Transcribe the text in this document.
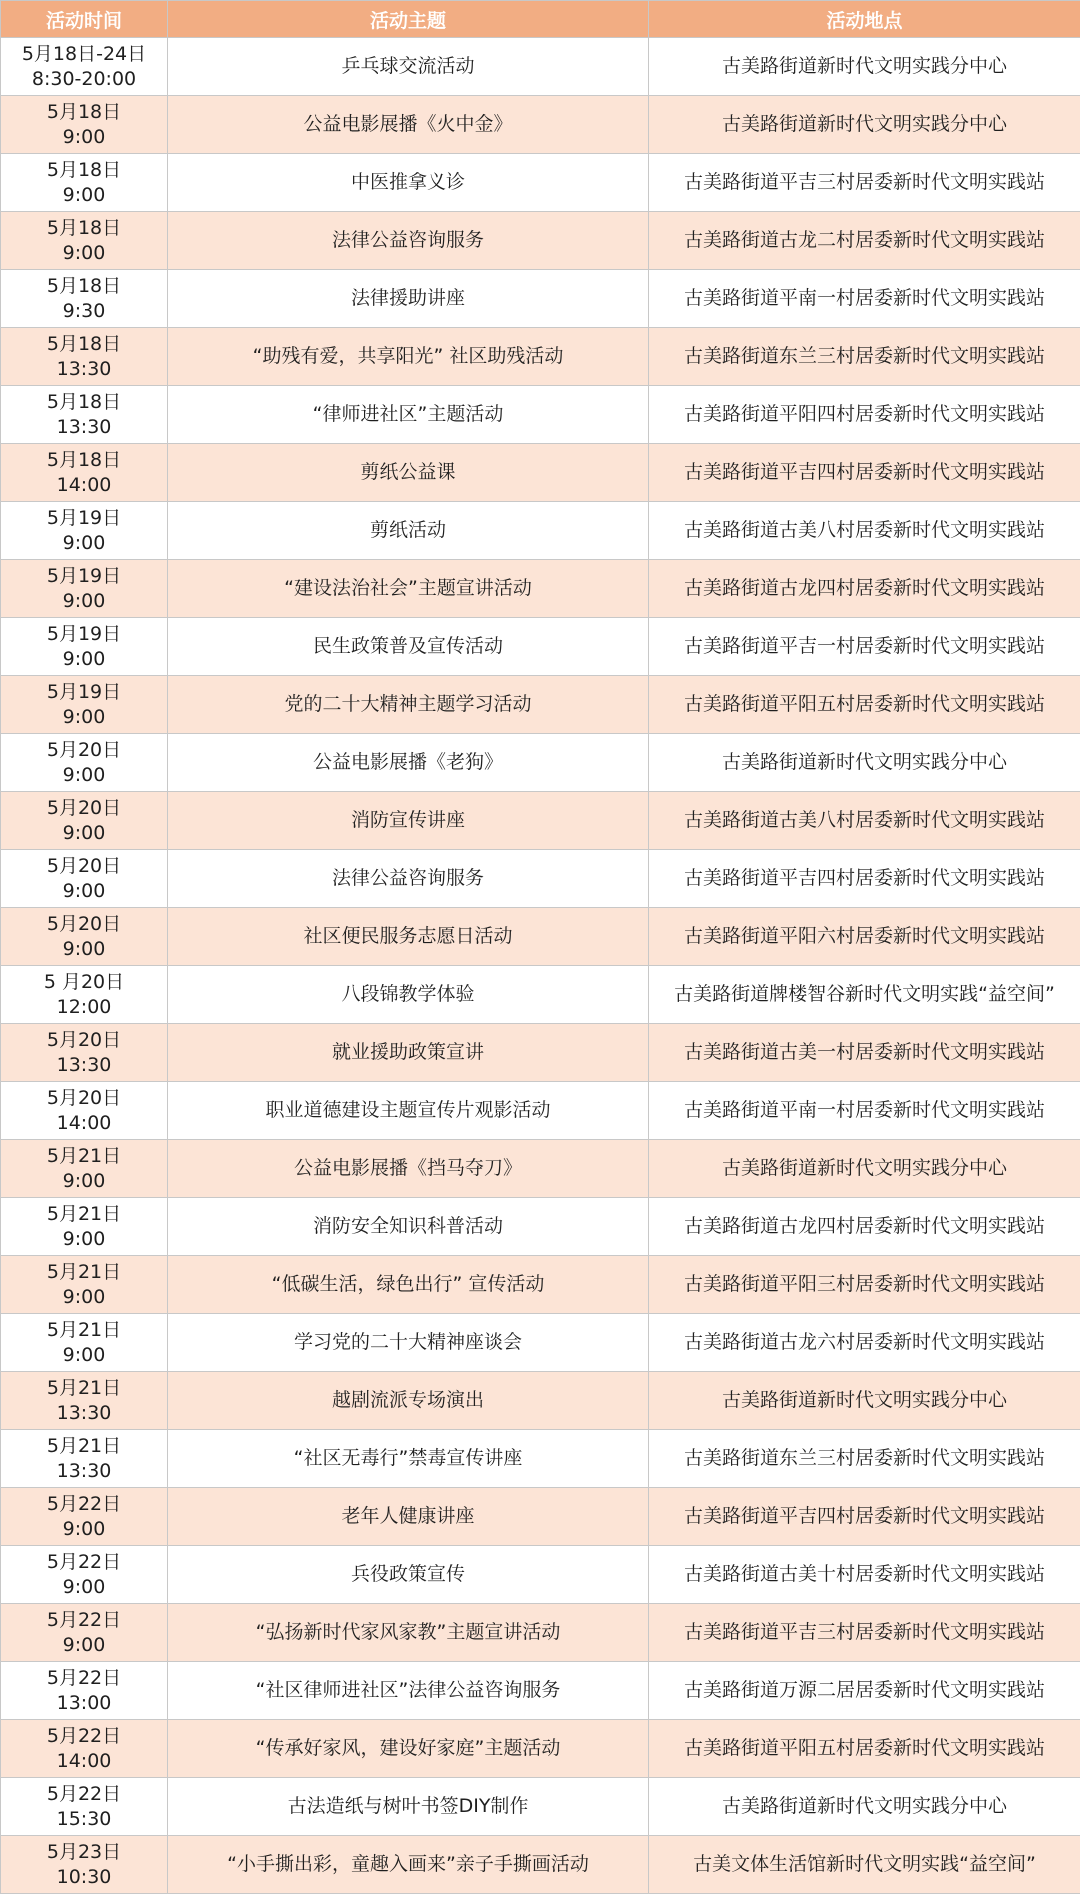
活动时间	活动主题	活动地点

5月18日-24日
8:30-20:00	乒乓球交流活动	古美路街道新时代文明实践分中心

5月18日
9:00	公益电影展播《火中金》	古美路街道新时代文明实践分中心

5月18日
9:00	中医推拿义诊	古美路街道平吉三村居委新时代文明实践站

5月18日
9:00	法律公益咨询服务	古美路街道古龙二村居委新时代文明实践站

5月18日
9:30	法律援助讲座	古美路街道平南一村居委新时代文明实践站

5月18日
13:30	“助残有爱，共享阳光” 社区助残活动	古美路街道东兰三村居委新时代文明实践站

5月18日
13:30	“律师进社区”主题活动	古美路街道平阳四村居委新时代文明实践站

5月18日
14:00	剪纸公益课	古美路街道平吉四村居委新时代文明实践站

5月19日
9:00	剪纸活动	古美路街道古美八村居委新时代文明实践站

5月19日
9:00	“建设法治社会”主题宣讲活动	古美路街道古龙四村居委新时代文明实践站

5月19日
9:00	民生政策普及宣传活动	古美路街道平吉一村居委新时代文明实践站

5月19日
9:00	党的二十大精神主题学习活动	古美路街道平阳五村居委新时代文明实践站

5月20日
9:00	公益电影展播《老狗》	古美路街道新时代文明实践分中心

5月20日
9:00	消防宣传讲座	古美路街道古美八村居委新时代文明实践站

5月20日
9:00	法律公益咨询服务	古美路街道平吉四村居委新时代文明实践站

5月20日
9:00	社区便民服务志愿日活动	古美路街道平阳六村居委新时代文明实践站

5 月20日
12:00	八段锦教学体验	古美路街道牌楼智谷新时代文明实践“益空间”

5月20日
13:30	就业援助政策宣讲	古美路街道古美一村居委新时代文明实践站

5月20日
14:00	职业道德建设主题宣传片观影活动	古美路街道平南一村居委新时代文明实践站

5月21日
9:00	公益电影展播《挡马夺刀》	古美路街道新时代文明实践分中心

5月21日
9:00	消防安全知识科普活动	古美路街道古龙四村居委新时代文明实践站

5月21日
9:00	“低碳生活，绿色出行” 宣传活动	古美路街道平阳三村居委新时代文明实践站

5月21日
9:00	学习党的二十大精神座谈会	古美路街道古龙六村居委新时代文明实践站

5月21日
13:30	越剧流派专场演出	古美路街道新时代文明实践分中心

5月21日
13:30	“社区无毒行”禁毒宣传讲座	古美路街道东兰三村居委新时代文明实践站

5月22日
9:00	老年人健康讲座	古美路街道平吉四村居委新时代文明实践站

5月22日
9:00	兵役政策宣传	古美路街道古美十村居委新时代文明实践站

5月22日
9:00	“弘扬新时代家风家教”主题宣讲活动	古美路街道平吉三村居委新时代文明实践站

5月22日
13:00	“社区律师进社区”法律公益咨询服务	古美路街道万源二居居委新时代文明实践站

5月22日
14:00	“传承好家风，建设好家庭”主题活动	古美路街道平阳五村居委新时代文明实践站

5月22日
15:30	古法造纸与树叶书签DIY制作	古美路街道新时代文明实践分中心

5月23日
10:30	“小手撕出彩，童趣入画来”亲子手撕画活动	古美文体生活馆新时代文明实践“益空间”
